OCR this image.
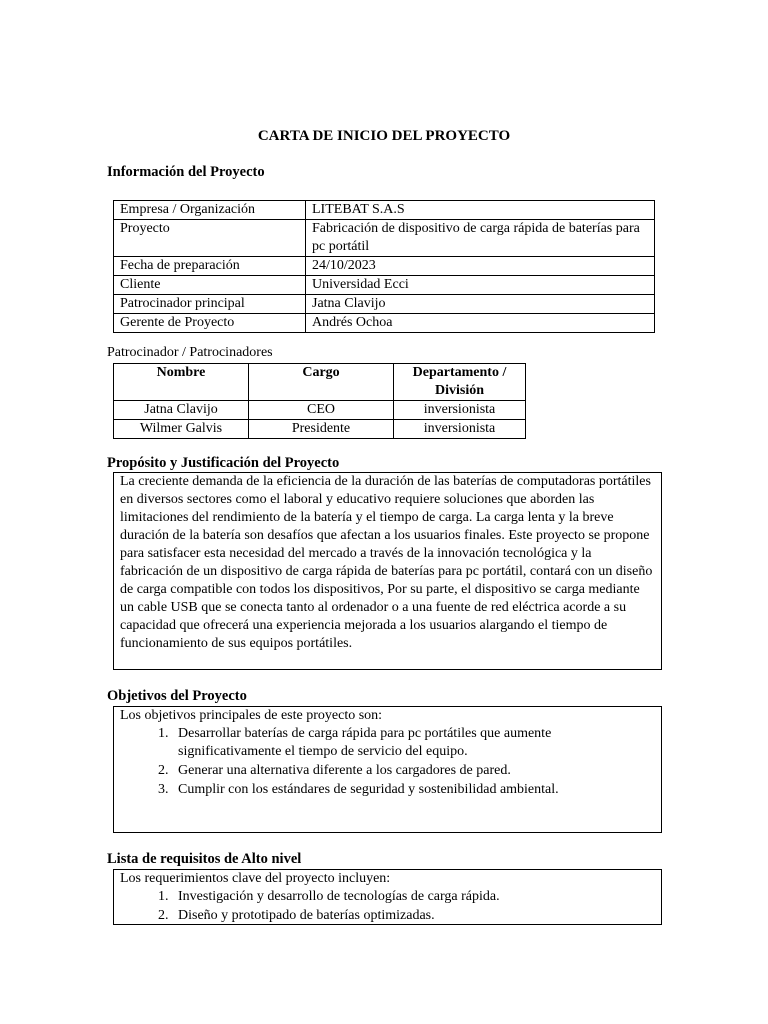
CARTA DE INICIO DEL PROYECTO
Información del Proyecto
Empresa / Organización	LITEBAT S.A.S
Proyecto	Fabricación de dispositivo de carga rápida de baterías para pc portátil
Fecha de preparación	24/10/2023
Cliente	Universidad Ecci
Patrocinador principal	Jatna Clavijo
Gerente de Proyecto	Andrés Ochoa
Patrocinador / Patrocinadores
Nombre	Cargo	Departamento / División
Jatna Clavijo	CEO	inversionista
Wilmer Galvis	Presidente	inversionista
Propósito y Justificación del Proyecto
La creciente demanda de la eficiencia de la duración de las baterías de computadoras portátiles en diversos sectores como el laboral y educativo requiere soluciones que aborden las limitaciones del rendimiento de la batería y el tiempo de carga. La carga lenta y la breve duración de la batería son desafíos que afectan a los usuarios finales. Este proyecto se propone para satisfacer esta necesidad del mercado a través de la innovación tecnológica y la fabricación de un dispositivo de carga rápida de baterías para pc portátil, contará con un diseño de carga compatible con todos los dispositivos, Por su parte, el dispositivo se carga mediante un cable USB que se conecta tanto al ordenador o a una fuente de red eléctrica acorde a su capacidad que ofrecerá una experiencia mejorada a los usuarios alargando el tiempo de funcionamiento de sus equipos portátiles.
Objetivos del Proyecto
Los objetivos principales de este proyecto son:
1. Desarrollar baterías de carga rápida para pc portátiles que aumente significativamente el tiempo de servicio del equipo.
2. Generar una alternativa diferente a los cargadores de pared.
3. Cumplir con los estándares de seguridad y sostenibilidad ambiental.
Lista de requisitos de Alto nivel
Los requerimientos clave del proyecto incluyen:
1. Investigación y desarrollo de tecnologías de carga rápida.
2. Diseño y prototipado de baterías optimizadas.
